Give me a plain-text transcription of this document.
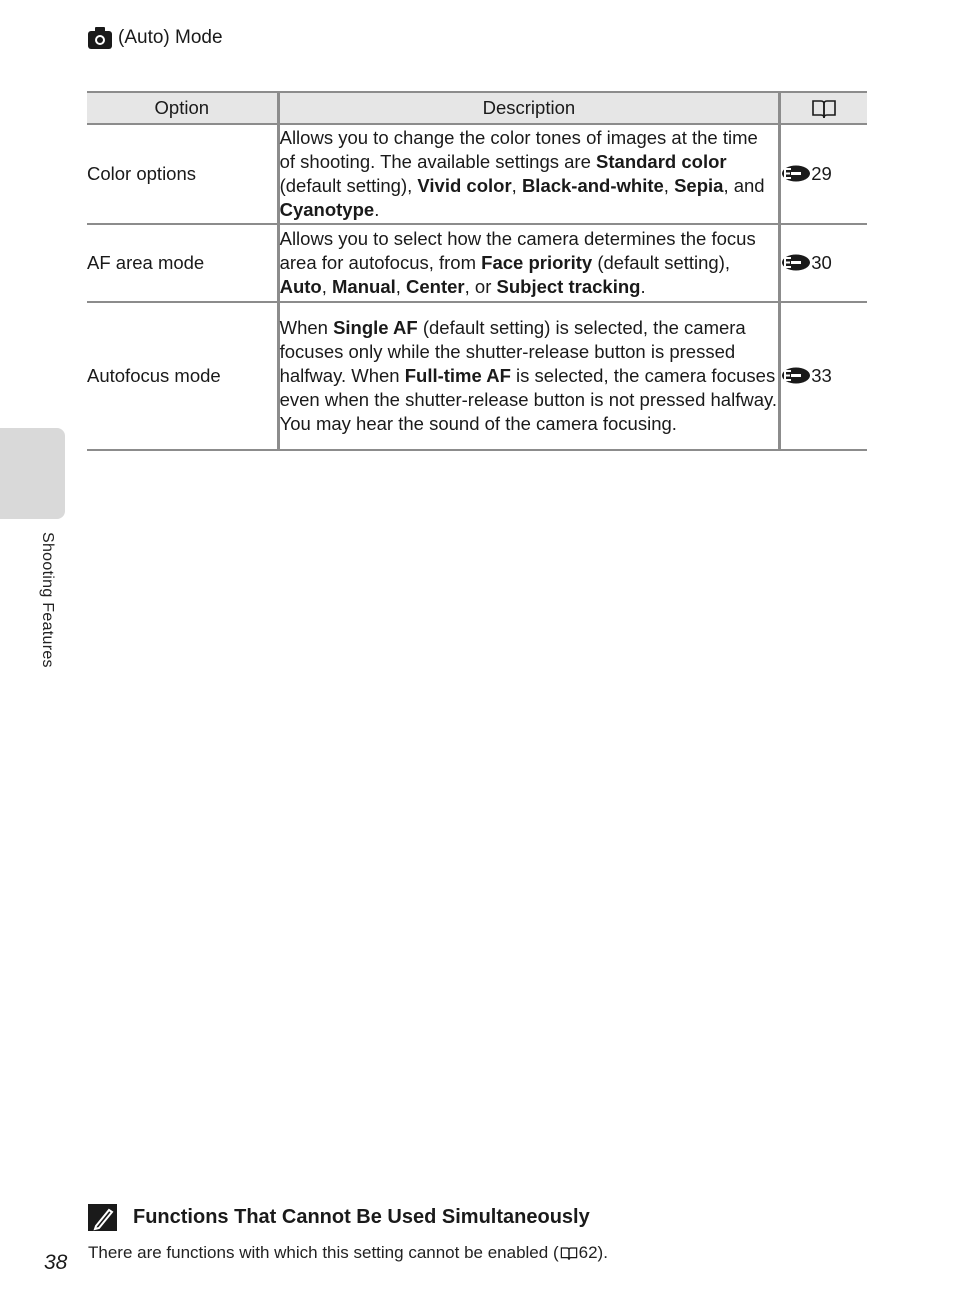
(Auto) Mode
Shooting Features
Option	Description	
Color options	Allows you to change the color tones of images at the time of shooting. The available settings are Standard color (default setting), Vivid color, Black-and-white, Sepia, and Cyanotype.	29
AF area mode	Allows you to select how the camera determines the focus area for autofocus, from Face priority (default setting), Auto, Manual, Center, or Subject tracking.	30
Autofocus mode	When Single AF (default setting) is selected, the camera focuses only while the shutter-release button is pressed halfway. When Full-time AF is selected, the camera focuses even when the shutter-release button is not pressed halfway. You may hear the sound of the camera focusing.	33
Functions That Cannot Be Used Simultaneously
There are functions with which this setting cannot be enabled ( 62 ).
38
